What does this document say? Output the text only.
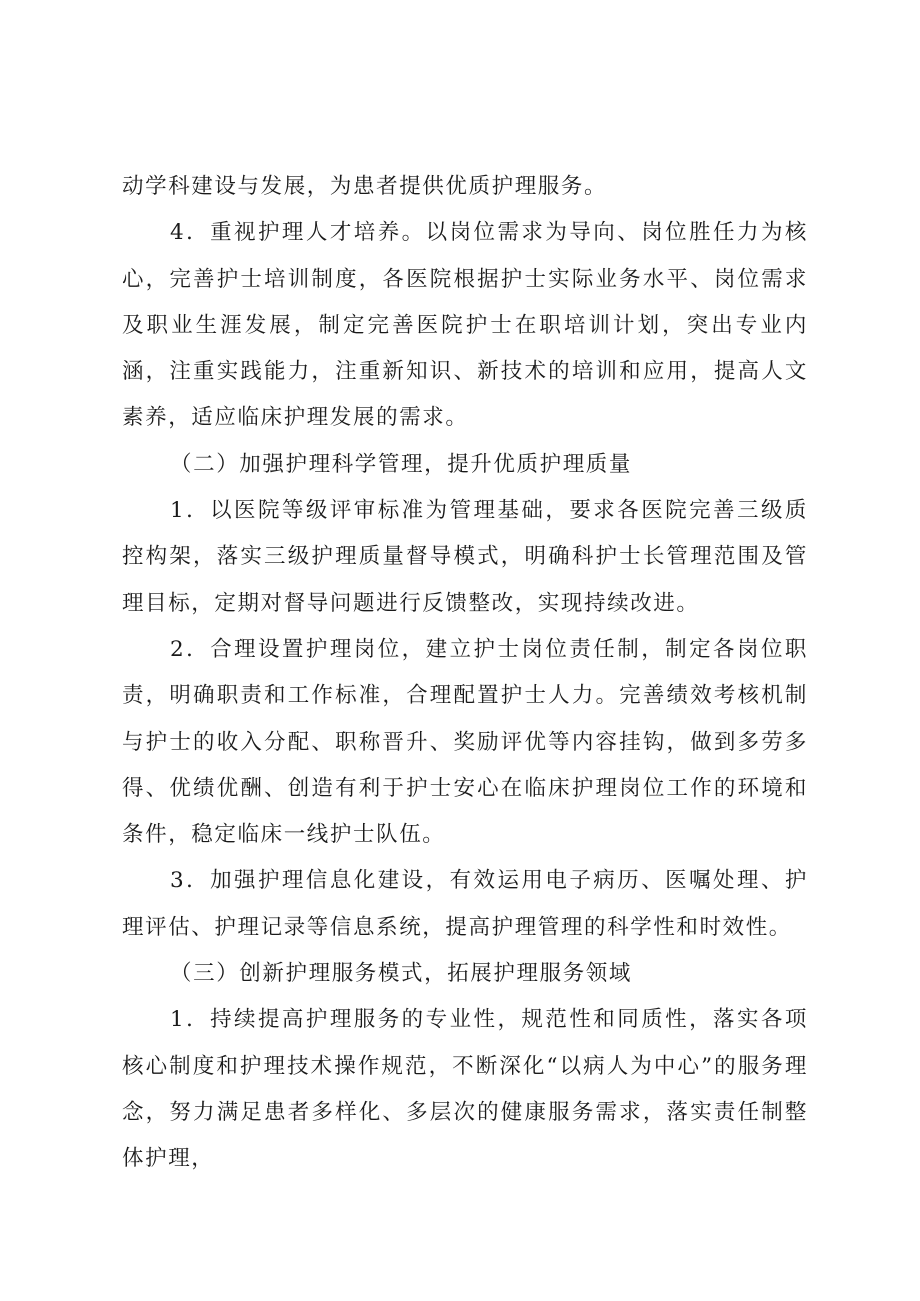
动学科建设与发展，为患者提供优质护理服务。

4．重视护理人才培养。以岗位需求为导向、岗位胜任力为核心，完善护士培训制度，各医院根据护士实际业务水平、岗位需求及职业生涯发展，制定完善医院护士在职培训计划，突出专业内涵，注重实践能力，注重新知识、新技术的培训和应用，提高人文素养，适应临床护理发展的需求。

（二）加强护理科学管理，提升优质护理质量

1．以医院等级评审标准为管理基础，要求各医院完善三级质控构架，落实三级护理质量督导模式，明确科护士长管理范围及管理目标，定期对督导问题进行反馈整改，实现持续改进。

2．合理设置护理岗位，建立护士岗位责任制，制定各岗位职责，明确职责和工作标准，合理配置护士人力。完善绩效考核机制与护士的收入分配、职称晋升、奖励评优等内容挂钩，做到多劳多得、优绩优酬、创造有利于护士安心在临床护理岗位工作的环境和条件，稳定临床一线护士队伍。

3．加强护理信息化建设，有效运用电子病历、医嘱处理、护理评估、护理记录等信息系统，提高护理管理的科学性和时效性。

（三）创新护理服务模式，拓展护理服务领域

1．持续提高护理服务的专业性，规范性和同质性，落实各项核心制度和护理技术操作规范，不断深化“以病人为中心”的服务理念，努力满足患者多样化、多层次的健康服务需求，落实责任制整体护理，
